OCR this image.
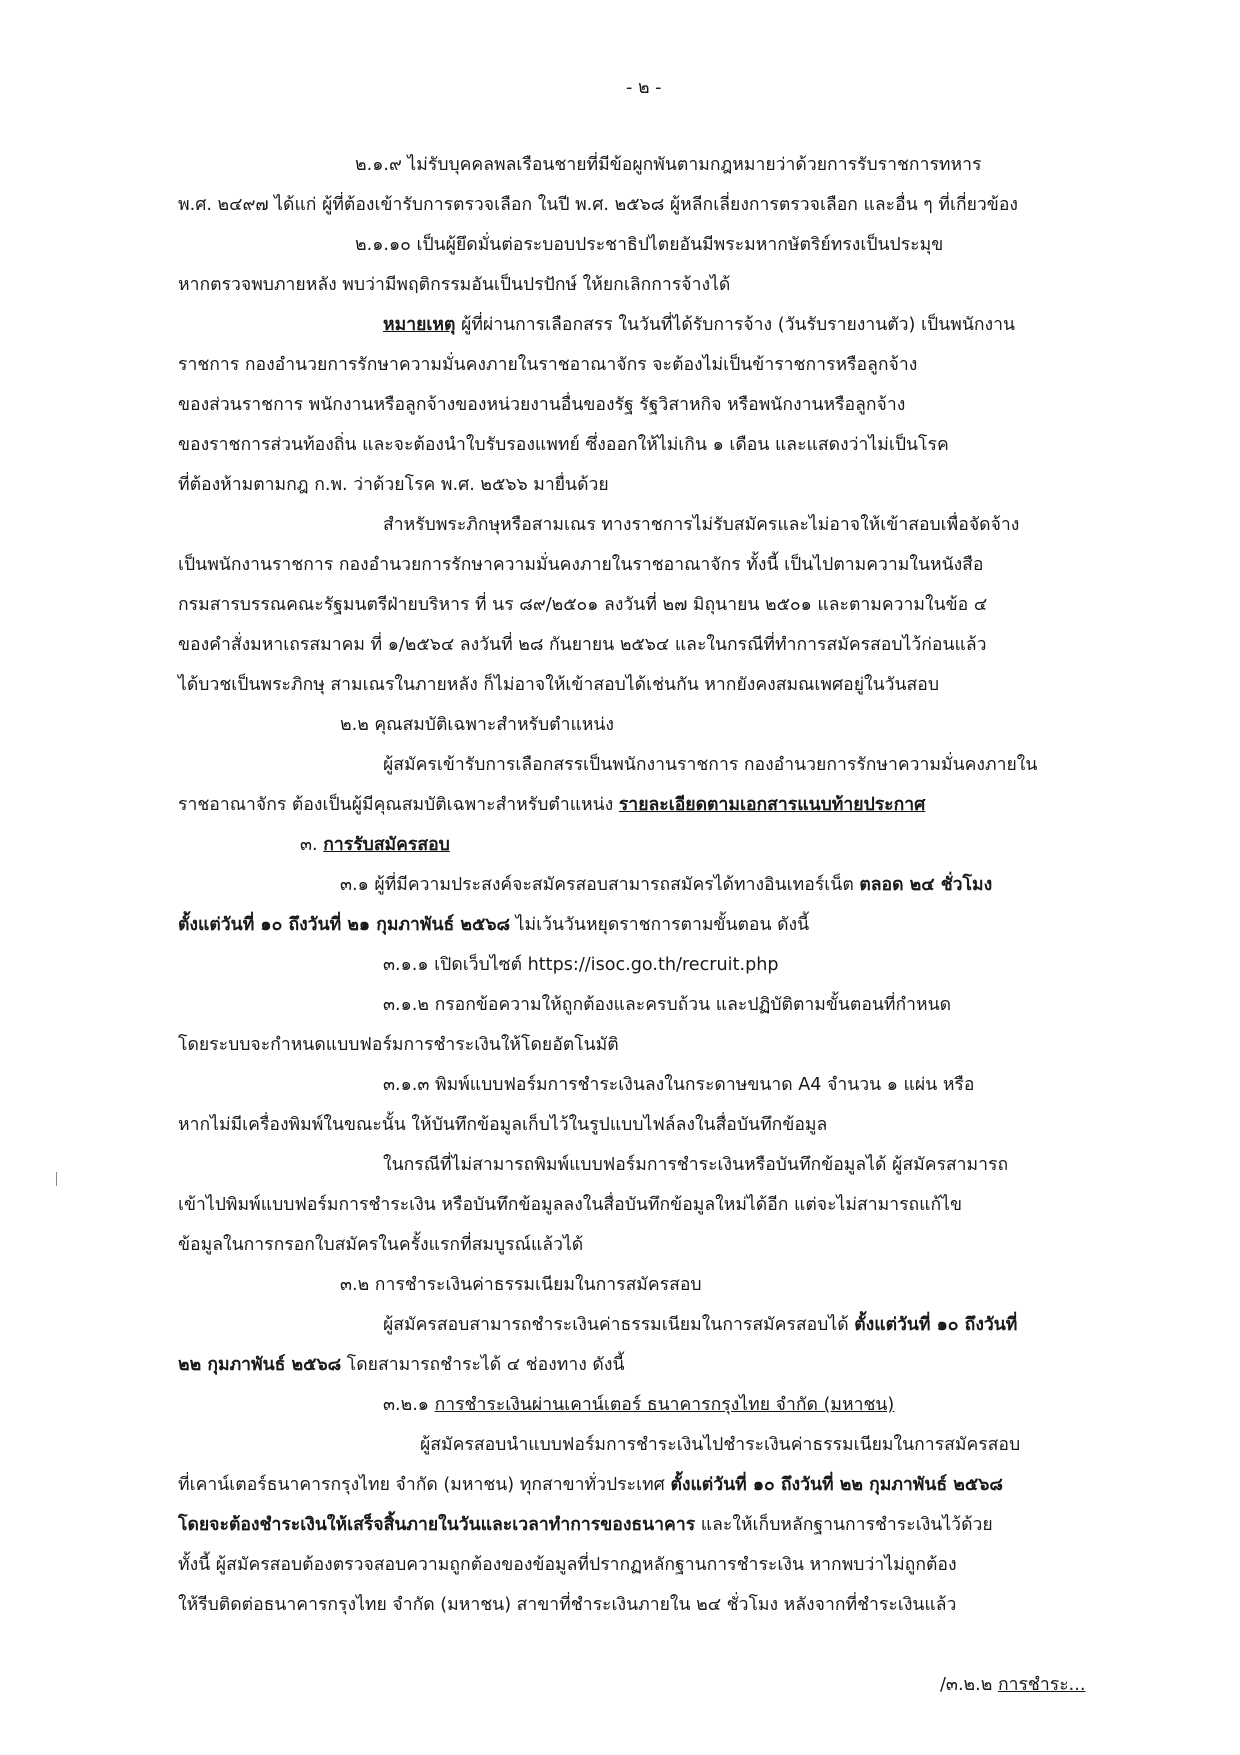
- ๒ -
๒.๑.๙ ไม่รับบุคคลพลเรือนชายที่มีข้อผูกพันตามกฎหมายว่าด้วยการรับราชการทหาร
พ.ศ. ๒๔๙๗ ได้แก่ ผู้ที่ต้องเข้ารับการตรวจเลือก ในปี พ.ศ. ๒๕๖๘ ผู้หลีกเลี่ยงการตรวจเลือก และอื่น ๆ ที่เกี่ยวข้อง
๒.๑.๑๐ เป็นผู้ยึดมั่นต่อระบอบประชาธิปไตยอันมีพระมหากษัตริย์ทรงเป็นประมุข
หากตรวจพบภายหลัง พบว่ามีพฤติกรรมอันเป็นปรปักษ์ ให้ยกเลิกการจ้างได้
หมายเหตุ ผู้ที่ผ่านการเลือกสรร ในวันที่ได้รับการจ้าง (วันรับรายงานตัว) เป็นพนักงาน
ราชการ กองอำนวยการรักษาความมั่นคงภายในราชอาณาจักร จะต้องไม่เป็นข้าราชการหรือลูกจ้าง
ของส่วนราชการ พนักงานหรือลูกจ้างของหน่วยงานอื่นของรัฐ รัฐวิสาหกิจ หรือพนักงานหรือลูกจ้าง
ของราชการส่วนท้องถิ่น และจะต้องนำใบรับรองแพทย์ ซึ่งออกให้ไม่เกิน ๑ เดือน และแสดงว่าไม่เป็นโรค
ที่ต้องห้ามตามกฎ ก.พ. ว่าด้วยโรค พ.ศ. ๒๕๖๖ มายื่นด้วย
สำหรับพระภิกษุหรือสามเณร ทางราชการไม่รับสมัครและไม่อาจให้เข้าสอบเพื่อจัดจ้าง
เป็นพนักงานราชการ กองอำนวยการรักษาความมั่นคงภายในราชอาณาจักร ทั้งนี้ เป็นไปตามความในหนังสือ
กรมสารบรรณคณะรัฐมนตรีฝ่ายบริหาร ที่ นร ๘๙/๒๕๐๑ ลงวันที่ ๒๗ มิถุนายน ๒๕๐๑ และตามความในข้อ ๔
ของคำสั่งมหาเถรสมาคม ที่ ๑/๒๕๖๔ ลงวันที่ ๒๘ กันยายน ๒๕๖๔ และในกรณีที่ทำการสมัครสอบไว้ก่อนแล้ว
ได้บวชเป็นพระภิกษุ สามเณรในภายหลัง ก็ไม่อาจให้เข้าสอบได้เช่นกัน หากยังคงสมณเพศอยู่ในวันสอบ
๒.๒ คุณสมบัติเฉพาะสำหรับตำแหน่ง
ผู้สมัครเข้ารับการเลือกสรรเป็นพนักงานราชการ กองอำนวยการรักษาความมั่นคงภายใน
ราชอาณาจักร ต้องเป็นผู้มีคุณสมบัติเฉพาะสำหรับตำแหน่ง รายละเอียดตามเอกสารแนบท้ายประกาศ
๓. การรับสมัครสอบ
๓.๑ ผู้ที่มีความประสงค์จะสมัครสอบสามารถสมัครได้ทางอินเทอร์เน็ต ตลอด ๒๔ ชั่วโมง
ตั้งแต่วันที่ ๑๐ ถึงวันที่ ๒๑ กุมภาพันธ์ ๒๕๖๘ ไม่เว้นวันหยุดราชการตามขั้นตอน ดังนี้
๓.๑.๑ เปิดเว็บไซต์ https://isoc.go.th/recruit.php
๓.๑.๒ กรอกข้อความให้ถูกต้องและครบถ้วน และปฏิบัติตามขั้นตอนที่กำหนด
โดยระบบจะกำหนดแบบฟอร์มการชำระเงินให้โดยอัตโนมัติ
๓.๑.๓ พิมพ์แบบฟอร์มการชำระเงินลงในกระดาษขนาด A4 จำนวน ๑ แผ่น หรือ
หากไม่มีเครื่องพิมพ์ในขณะนั้น ให้บันทึกข้อมูลเก็บไว้ในรูปแบบไฟล์ลงในสื่อบันทึกข้อมูล
ในกรณีที่ไม่สามารถพิมพ์แบบฟอร์มการชำระเงินหรือบันทึกข้อมูลได้ ผู้สมัครสามารถ
เข้าไปพิมพ์แบบฟอร์มการชำระเงิน หรือบันทึกข้อมูลลงในสื่อบันทึกข้อมูลใหม่ได้อีก แต่จะไม่สามารถแก้ไข
ข้อมูลในการกรอกใบสมัครในครั้งแรกที่สมบูรณ์แล้วได้
๓.๒ การชำระเงินค่าธรรมเนียมในการสมัครสอบ
ผู้สมัครสอบสามารถชำระเงินค่าธรรมเนียมในการสมัครสอบได้ ตั้งแต่วันที่ ๑๐ ถึงวันที่
๒๒ กุมภาพันธ์ ๒๕๖๘ โดยสามารถชำระได้ ๔ ช่องทาง ดังนี้
๓.๒.๑ การชำระเงินผ่านเคาน์เตอร์ ธนาคารกรุงไทย จำกัด (มหาชน)
ผู้สมัครสอบนำแบบฟอร์มการชำระเงินไปชำระเงินค่าธรรมเนียมในการสมัครสอบ
ที่เคาน์เตอร์ธนาคารกรุงไทย จำกัด (มหาชน) ทุกสาขาทั่วประเทศ ตั้งแต่วันที่ ๑๐ ถึงวันที่ ๒๒ กุมภาพันธ์ ๒๕๖๘
โดยจะต้องชำระเงินให้เสร็จสิ้นภายในวันและเวลาทำการของธนาคาร และให้เก็บหลักฐานการชำระเงินไว้ด้วย
ทั้งนี้ ผู้สมัครสอบต้องตรวจสอบความถูกต้องของข้อมูลที่ปรากฏหลักฐานการชำระเงิน หากพบว่าไม่ถูกต้อง
ให้รีบติดต่อธนาคารกรุงไทย จำกัด (มหาชน) สาขาที่ชำระเงินภายใน ๒๔ ชั่วโมง หลังจากที่ชำระเงินแล้ว
/๓.๒.๒ การชำระ...
